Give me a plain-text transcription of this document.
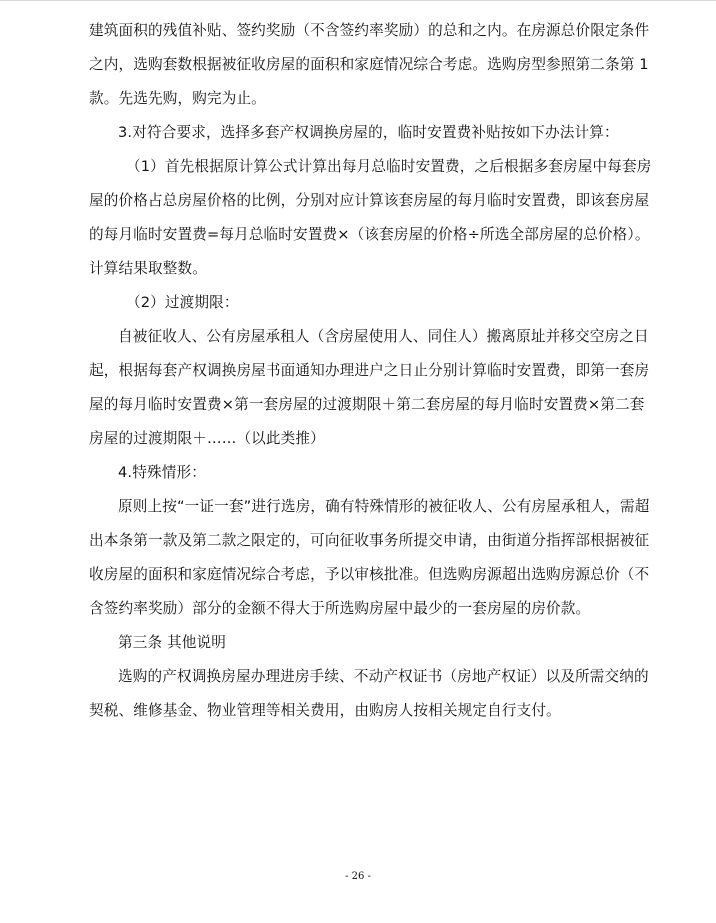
建筑面积的残值补贴、签约奖励（不含签约率奖励）的总和之内。在房源总价限定条件之内，选购套数根据被征收房屋的面积和家庭情况综合考虑。选购房型参照第二条第 1 款。先选先购，购完为止。

3.对符合要求，选择多套产权调换房屋的，临时安置费补贴按如下办法计算：

（1）首先根据原计算公式计算出每月总临时安置费，之后根据多套房屋中每套房屋的价格占总房屋价格的比例，分别对应计算该套房屋的每月临时安置费，即该套房屋的每月临时安置费=每月总临时安置费×（该套房屋的价格÷所选全部房屋的总价格）。计算结果取整数。

（2）过渡期限：

自被征收人、公有房屋承租人（含房屋使用人、同住人）搬离原址并移交空房之日起，根据每套产权调换房屋书面通知办理进户之日止分别计算临时安置费，即第一套房屋的每月临时安置费×第一套房屋的过渡期限＋第二套房屋的每月临时安置费×第二套房屋的过渡期限＋……（以此类推）

4.特殊情形：

原则上按“一证一套”进行选房，确有特殊情形的被征收人、公有房屋承租人，需超出本条第一款及第二款之限定的，可向征收事务所提交申请，由街道分指挥部根据被征收房屋的面积和家庭情况综合考虑，予以审核批准。但选购房源超出选购房源总价（不含签约率奖励）部分的金额不得大于所选购房屋中最少的一套房屋的房价款。

第三条 其他说明

选购的产权调换房屋办理进房手续、不动产权证书（房地产权证）以及所需交纳的契税、维修基金、物业管理等相关费用，由购房人按相关规定自行支付。

- 26 -
